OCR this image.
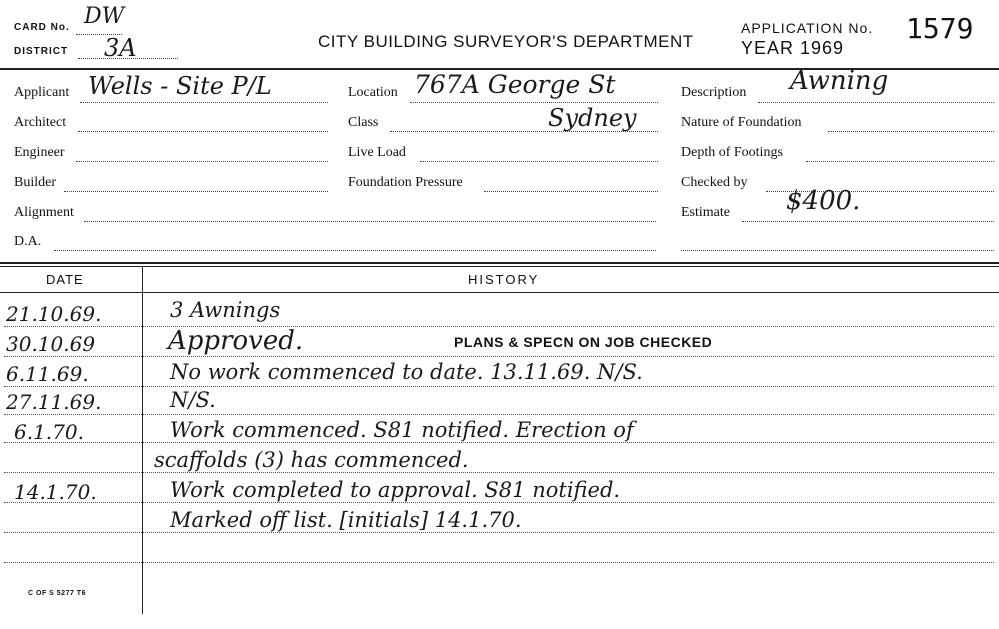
CARD No. DW
DISTRICT 3A	CITY BUILDING SURVEYOR'S DEPARTMENT
APPLICATION No. 1579
YEAR 1969
Applicant Wells - Site P/L
Architect
Engineer
Builder
Alignment
D.A.
Location 767A George St
Class	Sydney
Live Load
Foundation Pressure
Description Awning
Nature of Foundation
Depth of Footings
Checked by
Estimate $400.
DATE	HISTORY
21.10.69.	3 Awnings
30.10.69	Approved.	PLANS & SPECN ON JOB CHECKED
6.11.69.	No work commenced to date. 13.11.69. N/S.
27.11.69.	N/S.
6.1.70.	Work commenced. S81 notified. Erection of
scaffolds (3) has commenced.
14.1.70.	Work completed to approval. S81 notified.
Marked off list. [initials] 14.1.70.
C OF S 5277 T6
